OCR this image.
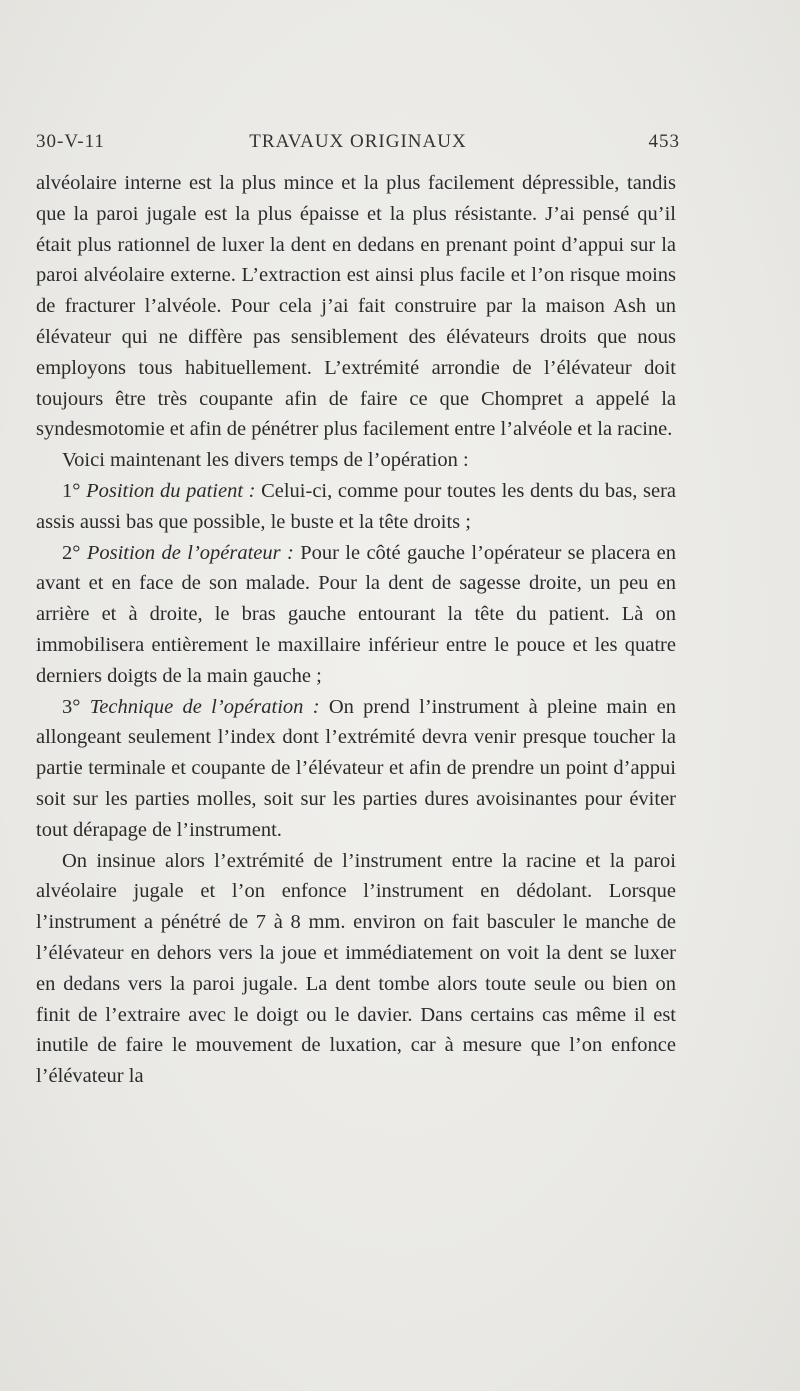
30-V-11	TRAVAUX ORIGINAUX	453

alvéolaire interne est la plus mince et la plus facilement dépressible, tandis que la paroi jugale est la plus épaisse et la plus résistante. J’ai pensé qu’il était plus rationnel de luxer la dent en dedans en prenant point d’appui sur la paroi alvéolaire externe. L’extraction est ainsi plus facile et l’on risque moins de fracturer l’alvéole. Pour cela j’ai fait construire par la maison Ash un élévateur qui ne diffère pas sensiblement des élévateurs droits que nous employons tous habituellement. L’extrémité arrondie de l’élévateur doit toujours être très coupante afin de faire ce que Chompret a appelé la syndesmotomie et afin de pénétrer plus facilement entre l’alvéole et la racine.

Voici maintenant les divers temps de l’opération :

1° Position du patient : Celui-ci, comme pour toutes les dents du bas, sera assis aussi bas que possible, le buste et la tête droits ;

2° Position de l’opérateur : Pour le côté gauche l’opérateur se placera en avant et en face de son malade. Pour la dent de sagesse droite, un peu en arrière et à droite, le bras gauche entourant la tête du patient. Là on immobilisera entièrement le maxillaire inférieur entre le pouce et les quatre derniers doigts de la main gauche ;

3° Technique de l’opération : On prend l’instrument à pleine main en allongeant seulement l’index dont l’extrémité devra venir presque toucher la partie terminale et coupante de l’élévateur et afin de prendre un point d’appui soit sur les parties molles, soit sur les parties dures avoisinantes pour éviter tout dérapage de l’instrument.

On insinue alors l’extrémité de l’instrument entre la racine et la paroi alvéolaire jugale et l’on enfonce l’instrument en dédolant. Lorsque l’instrument a pénétré de 7 à 8 mm. environ on fait basculer le manche de l’élévateur en dehors vers la joue et immédiatement on voit la dent se luxer en dedans vers la paroi jugale. La dent tombe alors toute seule ou bien on finit de l’extraire avec le doigt ou le davier. Dans certains cas même il est inutile de faire le mouvement de luxation, car à mesure que l’on enfonce l’élévateur la
